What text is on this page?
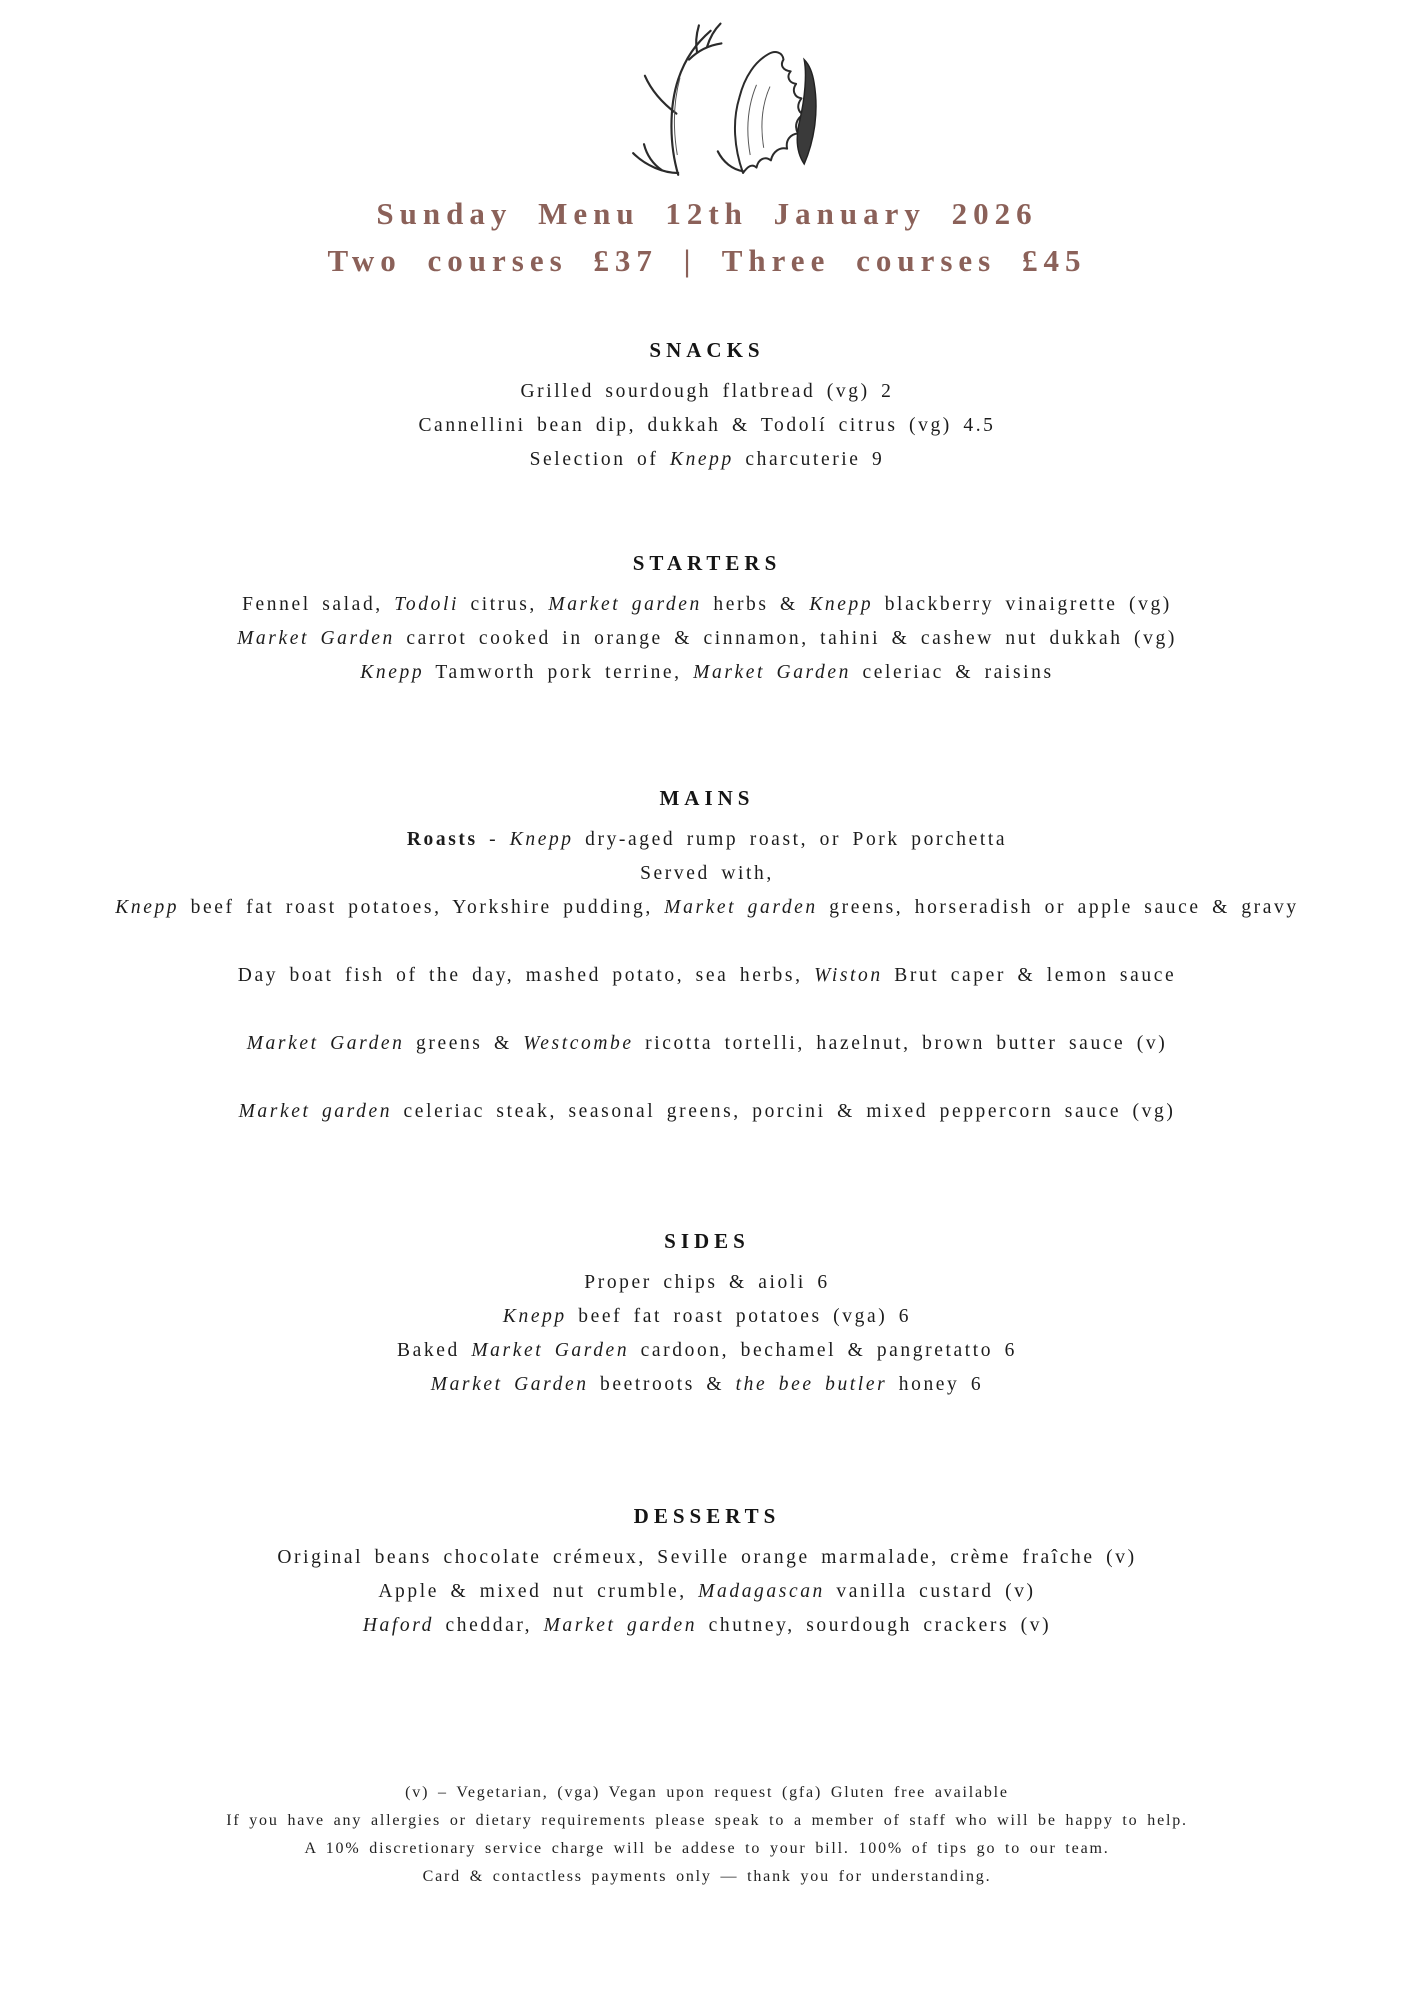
Sunday Menu 12th January 2026
Two courses £37 | Three courses £45
SNACKS

Grilled sourdough flatbread (vg) 2

Cannellini bean dip, dukkah & Todolí citrus (vg) 4.5

Selection of Knepp charcuterie 9

STARTERS

Fennel salad, Todoli citrus, Market garden herbs & Knepp blackberry vinaigrette (vg)

Market Garden carrot cooked in orange & cinnamon, tahini & cashew nut dukkah (vg)

Knepp Tamworth pork terrine, Market Garden celeriac & raisins

MAINS

Roasts - Knepp dry-aged rump roast, or Pork porchetta

Served with,

Knepp beef fat roast potatoes, Yorkshire pudding, Market garden greens, horseradish or apple sauce & gravy

Day boat fish of the day, mashed potato, sea herbs, Wiston Brut caper & lemon sauce

Market Garden greens & Westcombe ricotta tortelli, hazelnut, brown butter sauce (v)

Market garden celeriac steak, seasonal greens, porcini & mixed peppercorn sauce (vg)

SIDES

Proper chips & aioli 6

Knepp beef fat roast potatoes (vga) 6

Baked Market Garden cardoon, bechamel & pangretatto 6

Market Garden beetroots & the bee butler honey 6

DESSERTS

Original beans chocolate crémeux, Seville orange marmalade, crème fraîche (v)

Apple & mixed nut crumble, Madagascan vanilla custard (v)

Haford cheddar, Market garden chutney, sourdough crackers (v)

(v) – Vegetarian, (vga) Vegan upon request (gfa) Gluten free available

If you have any allergies or dietary requirements please speak to a member of staff who will be happy to help.

A 10% discretionary service charge will be addese to your bill. 100% of tips go to our team.

Card & contactless payments only — thank you for understanding.
